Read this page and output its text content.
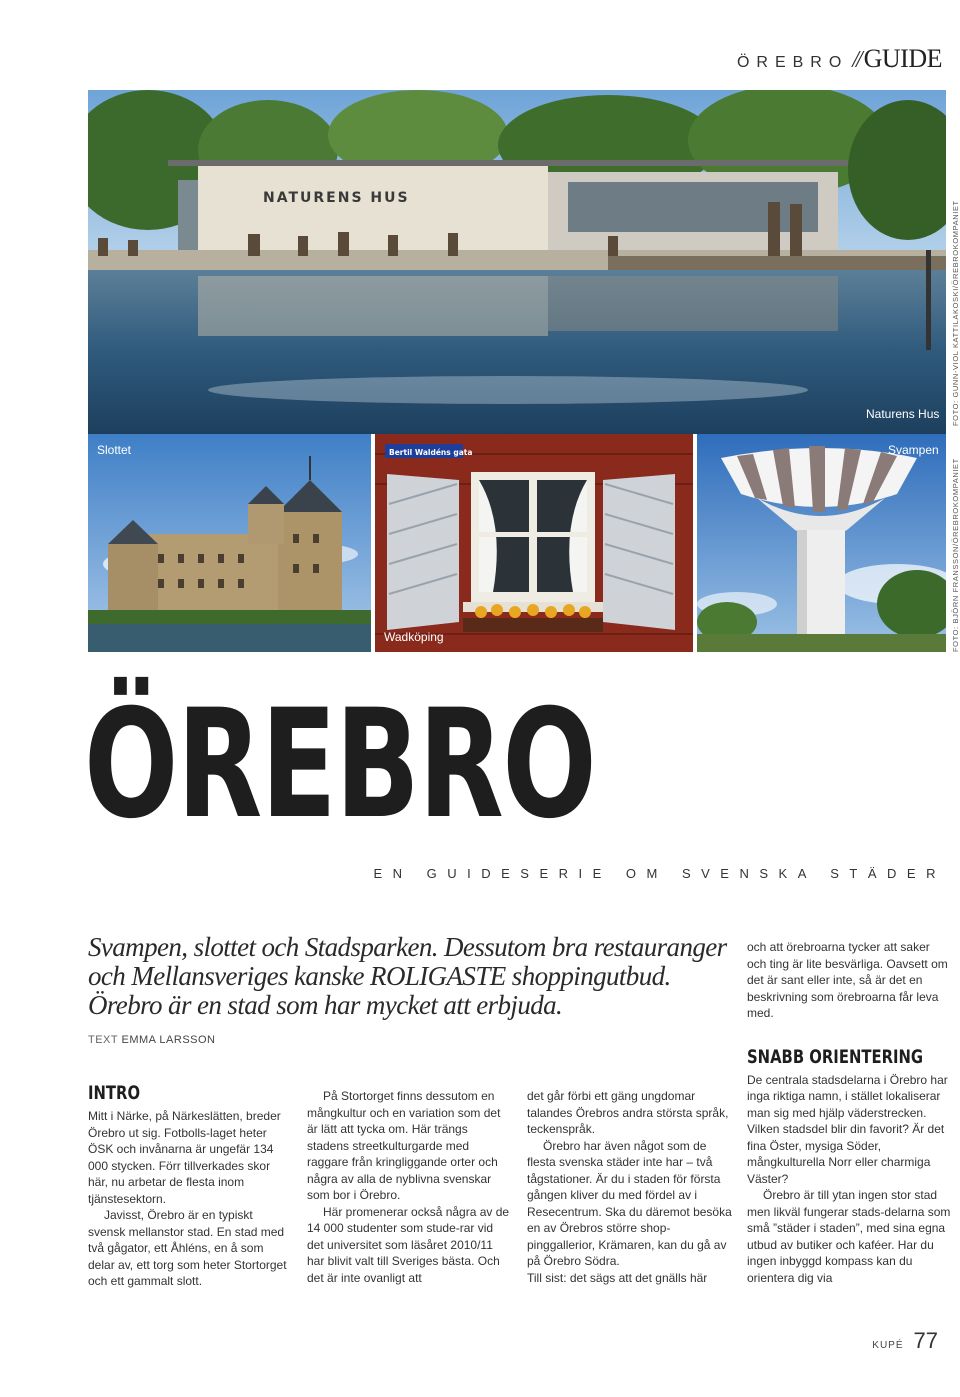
ÖREBRO // GUIDE
NATURENS HUS
Naturens Hus FOTO: GUNN-VIOL KATTILAKOSKI/ÖREBROKOMPANIET
Slottet	Bertil Waldéns gata
Wadköping
Svampen
FOTO: BJÖRN FRANSSON/ÖREBROKOMPANIET
ÖREBRO
EN GUIDESERIE OM SVENSKA STÄDER
Svampen, slottet och Stadsparken. Dessutom bra restauranger och Mellansveriges kanske ROLIGASTE shoppingutbud. Örebro är en stad som har mycket att erbjuda.
TEXT EMMA LARSSON
INTRO

Mitt i Närke, på Närkeslätten, breder Örebro ut sig. Fotbolls-laget heter ÖSK och invånarna är ungefär 134 000 stycken. Förr tillverkades skor här, nu arbetar de flesta inom tjänstesektorn.

Javisst, Örebro är en typiskt svensk mellanstor stad. En stad med två gågator, ett Åhléns, en å som delar av, ett torg som heter Stortorget och ett gammalt slott.

På Stortorget finns dessutom en mångkultur och en variation som det är lätt att tycka om. Här trängs stadens streetkulturgarde med raggare från kringliggande orter och några av alla de nyblivna svenskar som bor i Örebro.

Här promenerar också några av de 14 000 studenter som stude-rar vid det universitet som läsåret 2010/11 har blivit valt till Sveriges bästa. Och det är inte ovanligt att

det går förbi ett gäng ungdomar talandes Örebros andra största språk, teckenspråk.

Örebro har även något som de flesta svenska städer inte har – två tågstationer. Är du i staden för första gången kliver du med fördel av i Resecentrum. Ska du däremot besöka en av Örebros större shop-pinggallerior, Krämaren, kan du gå av på Örebro Södra.

Till sist: det sägs att det gnälls här

och att örebroarna tycker att saker och ting är lite besvärliga. Oavsett om det är sant eller inte, så är det en beskrivning som örebroarna får leva med.

SNABB ORIENTERING

De centrala stadsdelarna i Örebro har inga riktiga namn, i stället lokaliserar man sig med hjälp väderstrecken. Vilken stadsdel blir din favorit? Är det fina Öster, mysiga Söder, mångkulturella Norr eller charmiga Väster?

Örebro är till ytan ingen stor stad men likväl fungerar stads-delarna som små ”städer i staden”, med sina egna utbud av butiker och kaféer. Har du ingen inbyggd kompass kan du orientera dig via

KUPÉ 77
